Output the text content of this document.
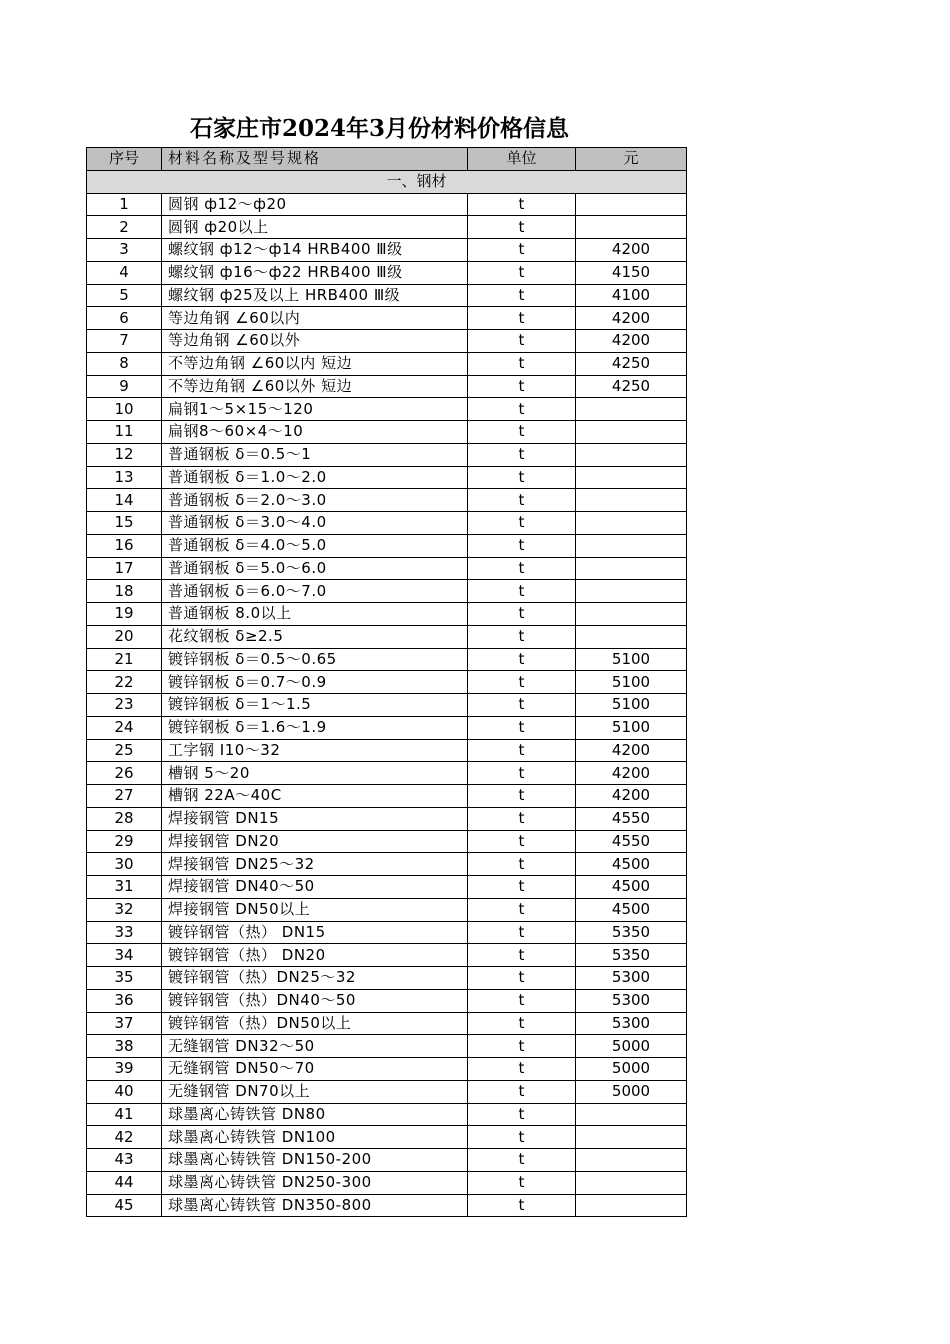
石家庄市2024年3月份材料价格信息
序号	材料名称及型号规格	单位	元
一、钢材			
1	圆钢 ф12～ф20	t	
2	圆钢 ф20以上	t	
3	螺纹钢 ф12～ф14 HRB400 Ⅲ级	t	4200
4	螺纹钢 ф16～ф22 HRB400 Ⅲ级	t	4150
5	螺纹钢 ф25及以上 HRB400 Ⅲ级	t	4100
6	等边角钢 ∠60以内	t	4200
7	等边角钢 ∠60以外	t	4200
8	不等边角钢 ∠60以内 短边	t	4250
9	不等边角钢 ∠60以外 短边	t	4250
10	扁钢1～5×15～120	t	
11	扁钢8～60×4～10	t	
12	普通钢板 δ＝0.5～1	t	
13	普通钢板 δ＝1.0～2.0	t	
14	普通钢板 δ＝2.0～3.0	t	
15	普通钢板 δ＝3.0～4.0	t	
16	普通钢板 δ＝4.0～5.0	t	
17	普通钢板 δ＝5.0～6.0	t	
18	普通钢板 δ＝6.0～7.0	t	
19	普通钢板 8.0以上	t	
20	花纹钢板 δ≥2.5	t	
21	镀锌钢板 δ＝0.5～0.65	t	5100
22	镀锌钢板 δ＝0.7～0.9	t	5100
23	镀锌钢板 δ＝1～1.5	t	5100
24	镀锌钢板 δ＝1.6～1.9	t	5100
25	工字钢 Ⅰ10～32	t	4200
26	槽钢 5～20	t	4200
27	槽钢 22A～40C	t	4200
28	焊接钢管 DN15	t	4550
29	焊接钢管 DN20	t	4550
30	焊接钢管 DN25～32	t	4500
31	焊接钢管 DN40～50	t	4500
32	焊接钢管 DN50以上	t	4500
33	镀锌钢管（热） DN15	t	5350
34	镀锌钢管（热） DN20	t	5350
35	镀锌钢管（热）DN25～32	t	5300
36	镀锌钢管（热）DN40～50	t	5300
37	镀锌钢管（热）DN50以上	t	5300
38	无缝钢管 DN32～50	t	5000
39	无缝钢管 DN50～70	t	5000
40	无缝钢管 DN70以上	t	5000
41	球墨离心铸铁管 DN80	t	
42	球墨离心铸铁管 DN100	t	
43	球墨离心铸铁管 DN150-200	t	
44	球墨离心铸铁管 DN250-300	t	
45	球墨离心铸铁管 DN350-800	t	
